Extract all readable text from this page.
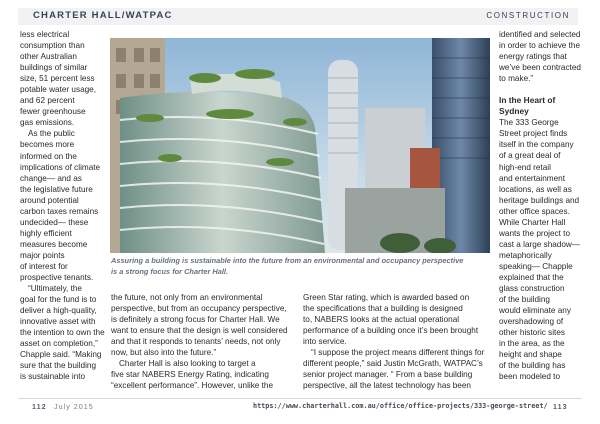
CHARTER HALL/WATPAC	CONSTRUCTION

less electrical

consumption than

other Australian

buildings of similar

size, 51 percent less

potable water usage,

and 62 percent

fewer greenhouse

gas emissions.

As the public

becomes more

informed on the

implications of climate

change— and as

the legislative future

around potential

carbon taxes remains

undecided— these

highly efficient

measures become

major points

of interest for

prospective tenants.

“Ultimately, the

goal for the fund is to

deliver a high-quality,

innovative asset with

the intention to own the

asset on completion,”

Chapple said. “Making

sure that the building

is sustainable into

Assuring a building is sustainable into the future from an environmental and occupancy perspective

is a strong focus for Charter Hall.

the future, not only from an environmental

perspective, but from an occupancy perspective,

is definitely a strong focus for Charter Hall. We

want to ensure that the design is well considered

and that it responds to tenants’ needs, not only

now, but also into the future.”

Charter Hall is also looking to target a

five star NABERS Energy Rating, indicating

“excellent performance”. However, unlike the

Green Star rating, which is awarded based on

the specifications that a building is designed

to, NABERS looks at the actual operational

performance of a building once it’s been brought

into service.

“I suppose the project means different things for

different people,” said Justin McGrath, WATPAC’s

senior project manager. “ From a base building

perspective, all the latest technology has been

identified and selected

in order to achieve the

energy ratings that

we’ve been contracted

to make.”

In the Heart of
Sydney

The 333 George

Street project finds

itself in the company

of a great deal of

high-end retail

and entertainment

locations, as well as

heritage buildings and

other office spaces.

While Charter Hall

wants the project to

cast a large shadow—

metaphorically

speaking— Chapple

explained that the

glass construction

of the building

would eliminate any

overshadowing of

other historic sites

in the area, as the

height and shape

of the building has

been modeled to

112 July 2015	https://www.charterhall.com.au/office/office-projects/333-george-street/ 113
